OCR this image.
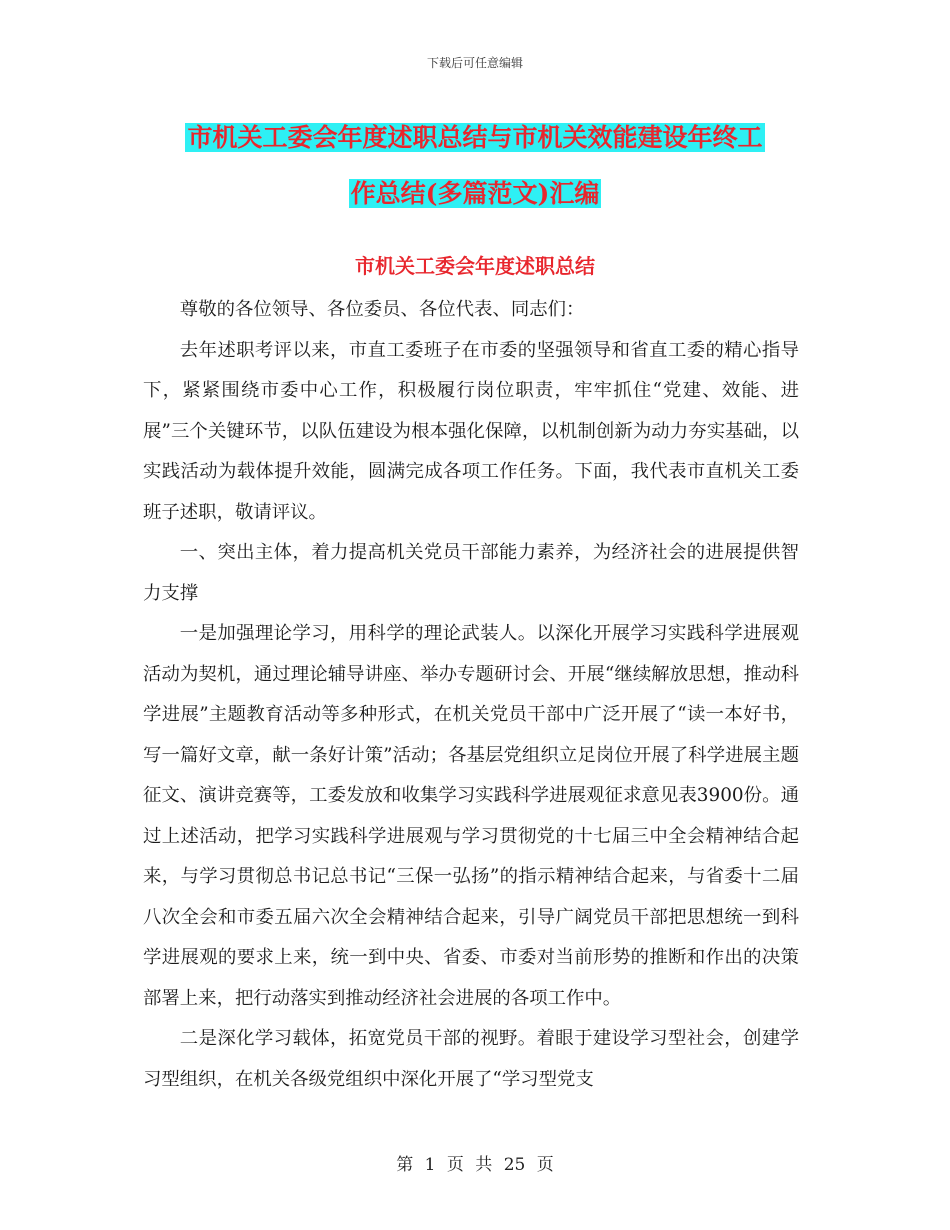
下载后可任意编辑
市机关工委会年度述职总结与市机关效能建设年终工
作总结(多篇范文)汇编
市机关工委会年度述职总结

尊敬的各位领导、各位委员、各位代表、同志们：

去年述职考评以来，市直工委班子在市委的坚强领导和省直工委的精心指导下，紧紧围绕市委中心工作，积极履行岗位职责，牢牢抓住“党建、效能、进展”三个关键环节，以队伍建设为根本强化保障，以机制创新为动力夯实基础，以实践活动为载体提升效能，圆满完成各项工作任务。下面，我代表市直机关工委班子述职，敬请评议。

一、突出主体，着力提高机关党员干部能力素养，为经济社会的进展提供智力支撑

一是加强理论学习，用科学的理论武装人。以深化开展学习实践科学进展观活动为契机，通过理论辅导讲座、举办专题研讨会、开展“继续解放思想，推动科学进展”主题教育活动等多种形式，在机关党员干部中广泛开展了“读一本好书，写一篇好文章，献一条好计策”活动；各基层党组织立足岗位开展了科学进展主题征文、演讲竞赛等，工委发放和收集学习实践科学进展观征求意见表3900份。通过上述活动，把学习实践科学进展观与学习贯彻党的十七届三中全会精神结合起来，与学习贯彻总书记总书记“三保一弘扬”的指示精神结合起来，与省委十二届八次全会和市委五届六次全会精神结合起来，引导广阔党员干部把思想统一到科学进展观的要求上来，统一到中央、省委、市委对当前形势的推断和作出的决策部署上来，把行动落实到推动经济社会进展的各项工作中。

二是深化学习载体，拓宽党员干部的视野。着眼于建设学习型社会，创建学习型组织，在机关各级党组织中深化开展了“学习型党支

第 1 页 共 25 页
